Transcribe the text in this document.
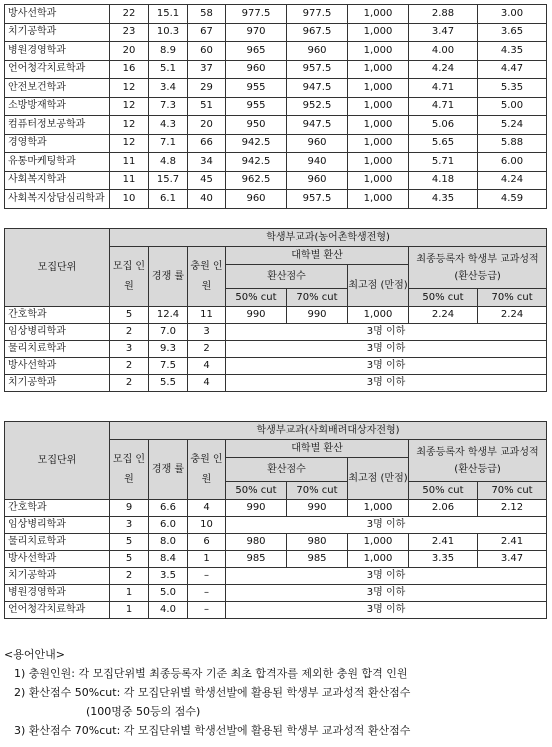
방사선학과	22	15.1	58	977.5	977.5	1,000	2.88	3.00
치기공학과	23	10.3	67	970	967.5	1,000	3.47	3.65
병원경영학과	20	8.9	60	965	960	1,000	4.00	4.35
언어청각치료학과	16	5.1	37	960	957.5	1,000	4.24	4.47
안전보건학과	12	3.4	29	955	947.5	1,000	4.71	5.35
소방방재학과	12	7.3	51	955	952.5	1,000	4.71	5.00
컴퓨터정보공학과	12	4.3	20	950	947.5	1,000	5.06	5.24
경영학과	12	7.1	66	942.5	960	1,000	5.65	5.88
유통마케팅학과	11	4.8	34	942.5	940	1,000	5.71	6.00
사회복지학과	11	15.7	45	962.5	960	1,000	4.18	4.24
사회복지상담심리학과	10	6.1	40	960	957.5	1,000	4.35	4.59
모집단위	학생부교과(농어촌학생전형)							
	모집 인원	경쟁 률	충원 인원	대학별 환산			최종등록자 학생부 교과성적 (환산등급)	
				환산점수		최고점 (만점)		
				50% cut	70% cut		50% cut	70% cut
간호학과	5	12.4	11	990	990	1,000	2.24	2.24
임상병리학과	2	7.0	3	3명 이하				
물리치료학과	3	9.3	2	3명 이하				
방사선학과	2	7.5	4	3명 이하				
치기공학과	2	5.5	4	3명 이하				
모집단위	학생부교과(사회배려대상자전형)							
	모집 인원	경쟁 률	충원 인원	대학별 환산			최종등록자 학생부 교과성적 (환산등급)	
				환산점수		최고점 (만점)		
				50% cut	70% cut		50% cut	70% cut
간호학과	9	6.6	4	990	990	1,000	2.06	2.12
임상병리학과	3	6.0	10	3명 이하				
물리치료학과	5	8.0	6	980	980	1,000	2.41	2.41
방사선학과	5	8.4	1	985	985	1,000	3.35	3.47
치기공학과	2	3.5	–	3명 이하				
병원경영학과	1	5.0	–	3명 이하				
언어청각치료학과	1	4.0	–	3명 이하				
<용어안내>
1) 충원인원: 각 모집단위별 최종등록자 기준 최초 합격자를 제외한 충원 합격 인원
2) 환산점수 50%cut: 각 모집단위별 학생선발에 활용된 학생부 교과성적 환산점수
(100명중 50등의 점수)
3) 환산점수 70%cut: 각 모집단위별 학생선발에 활용된 학생부 교과성적 환산점수
